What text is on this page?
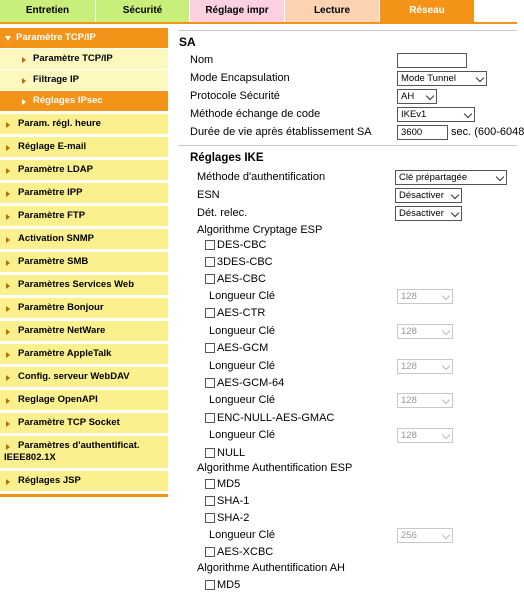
Entretien	Sécurité	Réglage impr	Lecture	Réseau
Paramètre TCP/IP
Paramètre TCP/IP
Filtrage IP
Réglages IPsec
Param. régl. heure
Réglage E-mail
Paramètre LDAP
Paramètre IPP
Paramètre FTP
Activation SNMP
Paramètre SMB
Paramètres Services Web
Paramètre Bonjour
Paramètre NetWare
Paramètre AppleTalk
Config. serveur WebDAV
Reglage OpenAPI
Paramètre TCP Socket
Paramètres d'authentificat. IEEE802.1X
Réglages JSP
SA
Nom
Mode Encapsulation	Mode Tunnel
Protocole Sécurité	AH
Méthode échange de code	IKEv1
Durée de vie après établissement SA	3600	sec. (600-6048
Réglages IKE
Méthode d'authentification	Clé prépartagée
ESN	Désactiver
Dét. relec.	Désactiver
Algorithme Cryptage ESP
DES-CBC
3DES-CBC
AES-CBC
Longueur Clé	128
AES-CTR
Longueur Clé	128
AES-GCM
Longueur Clé	128
AES-GCM-64
Longueur Clé	128
ENC-NULL-AES-GMAC
Longueur Clé	128
NULL
Algorithme Authentification ESP
MD5
SHA-1
SHA-2
Longueur Clé	256
AES-XCBC
Algorithme Authentification AH
MD5
